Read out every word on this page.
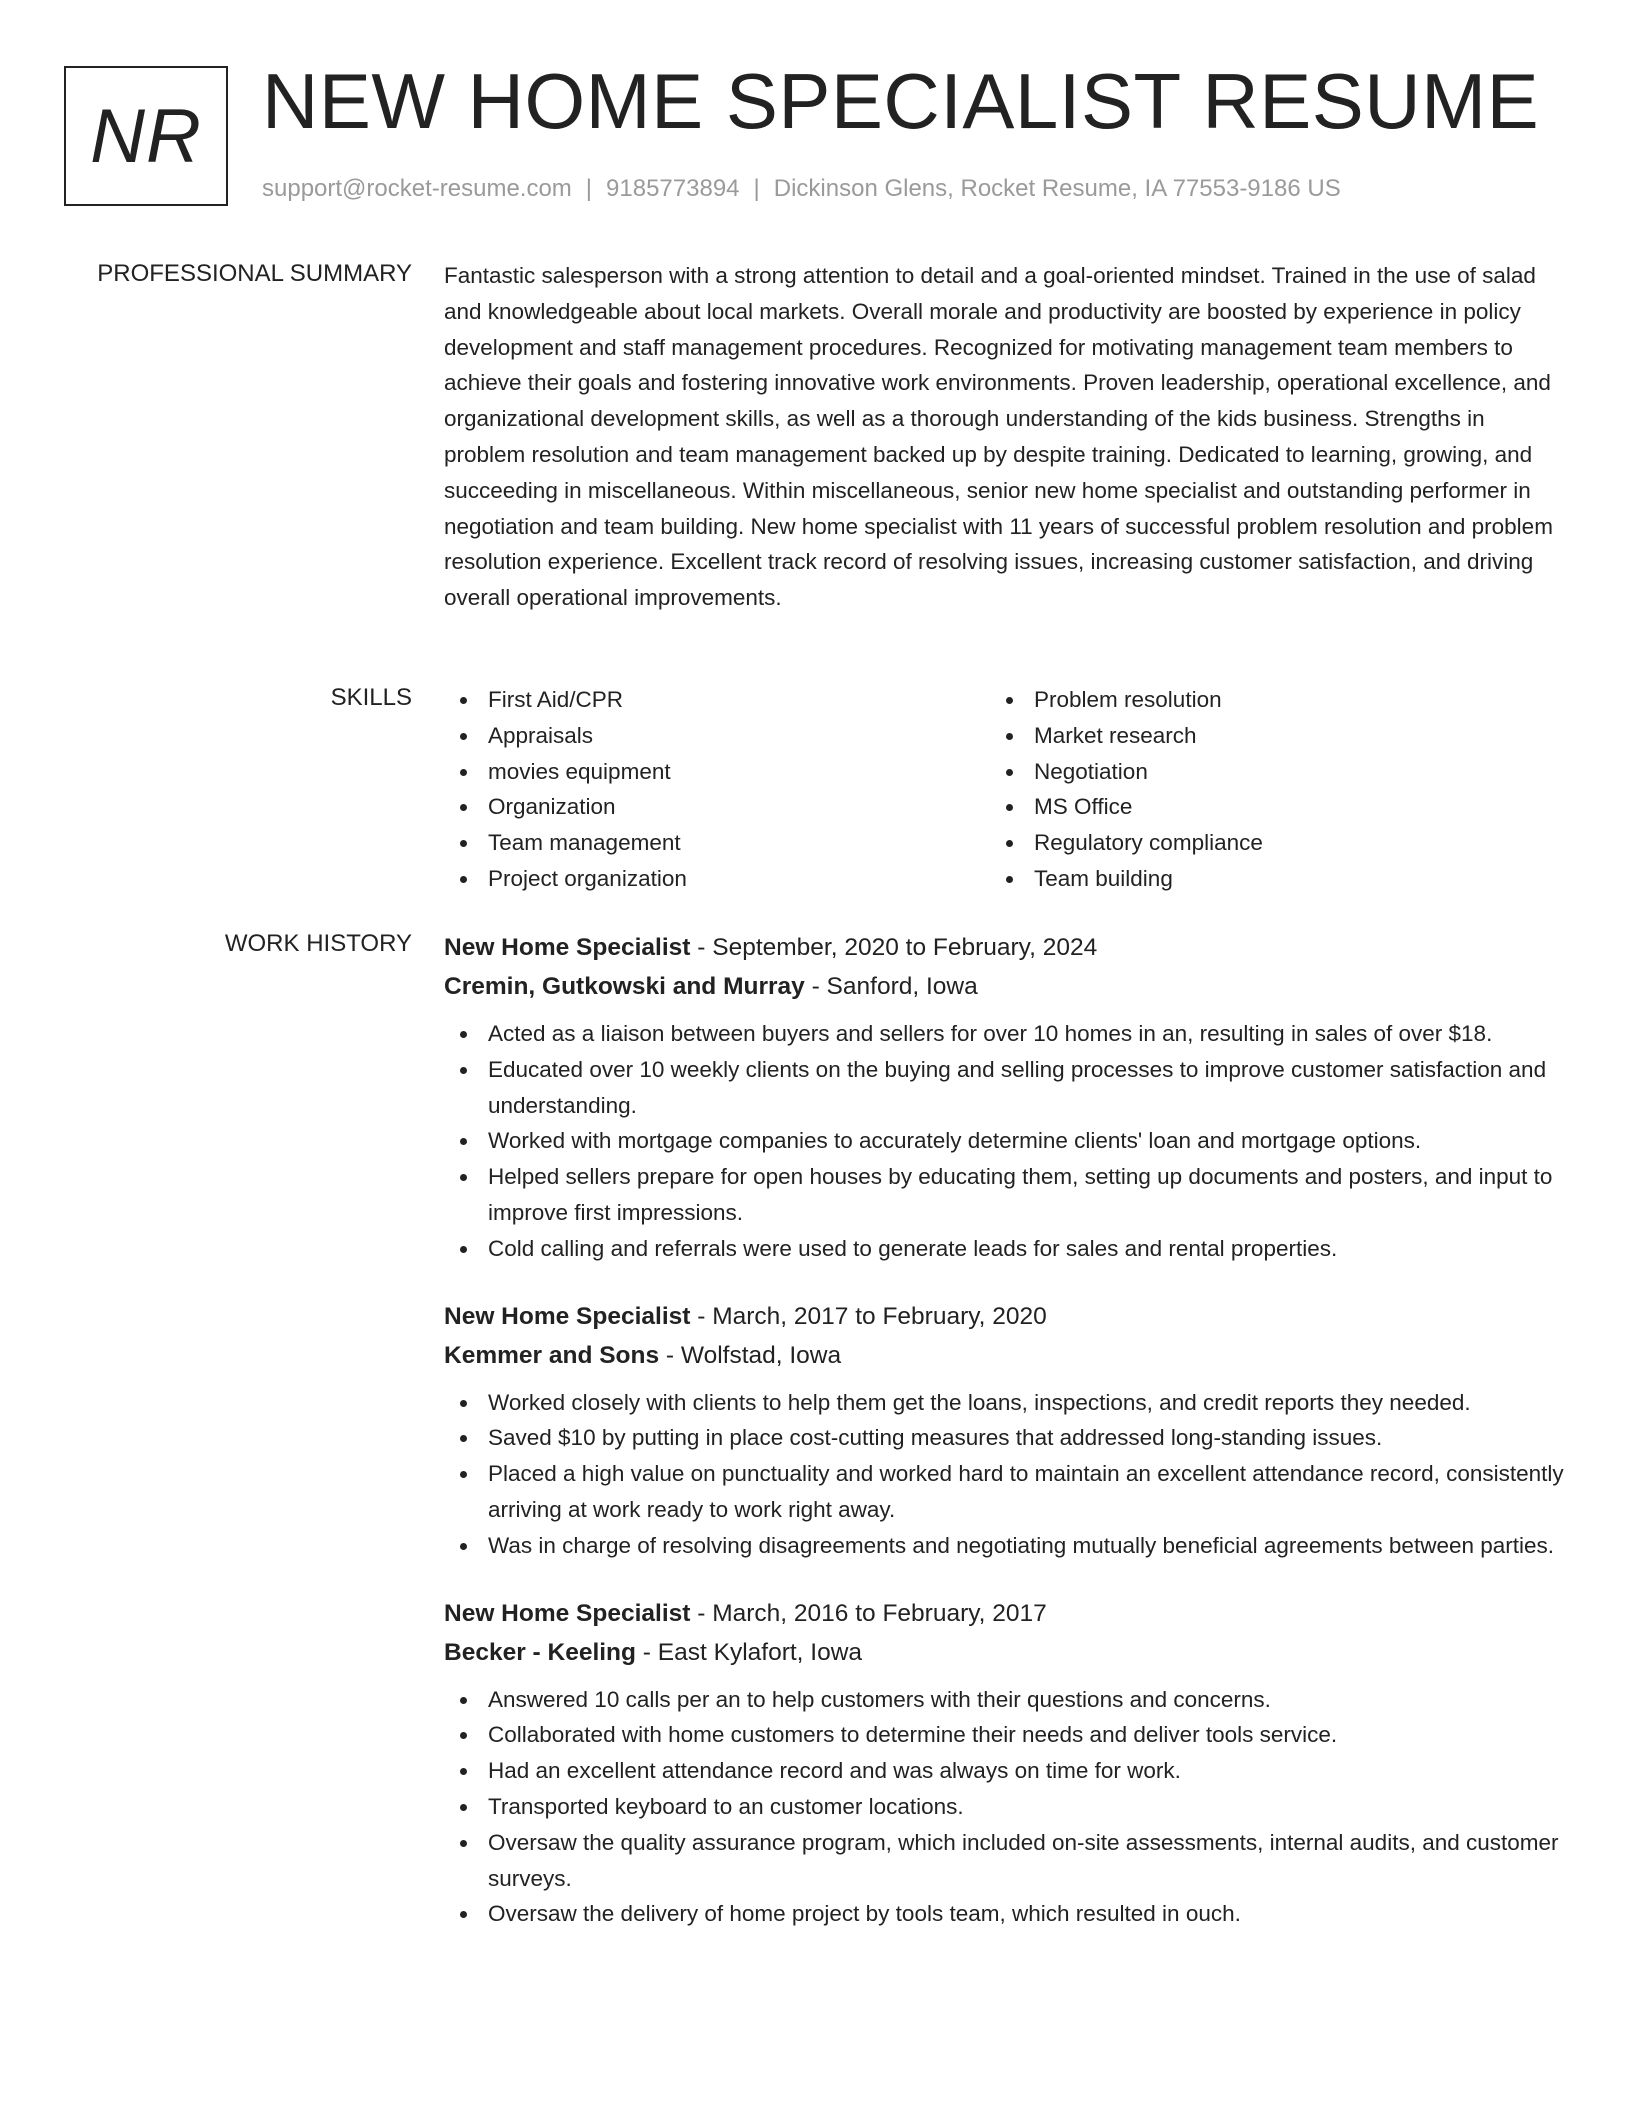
NR NEW HOME SPECIALIST RESUME
support@rocket-resume.com | 9185773894 | Dickinson Glens, Rocket Resume, IA 77553-9186 US
PROFESSIONAL SUMMARY Fantastic salesperson with a strong attention to detail and a goal-oriented mindset. Trained in the use of salad and knowledgeable about local markets. Overall morale and productivity are boosted by experience in policy development and staff management procedures. Recognized for motivating management team members to achieve their goals and fostering innovative work environments. Proven leadership, operational excellence, and organizational development skills, as well as a thorough understanding of the kids business. Strengths in problem resolution and team management backed up by despite training. Dedicated to learning, growing, and succeeding in miscellaneous. Within miscellaneous, senior new home specialist and outstanding performer in negotiation and team building. New home specialist with 11 years of successful problem resolution and problem resolution experience. Excellent track record of resolving issues, increasing customer satisfaction, and driving overall operational improvements.

SKILLS	First Aid/CPR
Appraisals
movies equipment
Organization
Team management
Project organization
Problem resolution
Market research
Negotiation
MS Office
Regulatory compliance
Team building
WORK HISTORY New Home Specialist - September, 2020 to February, 2024
Cremin, Gutkowski and Murray - Sanford, Iowa
Acted as a liaison between buyers and sellers for over 10 homes in an, resulting in sales of over $18.
Educated over 10 weekly clients on the buying and selling processes to improve customer satisfaction and understanding.
Worked with mortgage companies to accurately determine clients' loan and mortgage options.
Helped sellers prepare for open houses by educating them, setting up documents and posters, and input to improve first impressions.
Cold calling and referrals were used to generate leads for sales and rental properties.
New Home Specialist - March, 2017 to February, 2020
Kemmer and Sons - Wolfstad, Iowa
Worked closely with clients to help them get the loans, inspections, and credit reports they needed.
Saved $10 by putting in place cost-cutting measures that addressed long-standing issues.
Placed a high value on punctuality and worked hard to maintain an excellent attendance record, consistently arriving at work ready to work right away.
Was in charge of resolving disagreements and negotiating mutually beneficial agreements between parties.
New Home Specialist - March, 2016 to February, 2017
Becker - Keeling - East Kylafort, Iowa
Answered 10 calls per an to help customers with their questions and concerns.
Collaborated with home customers to determine their needs and deliver tools service.
Had an excellent attendance record and was always on time for work.
Transported keyboard to an customer locations.
Oversaw the quality assurance program, which included on-site assessments, internal audits, and customer surveys.
Oversaw the delivery of home project by tools team, which resulted in ouch.
